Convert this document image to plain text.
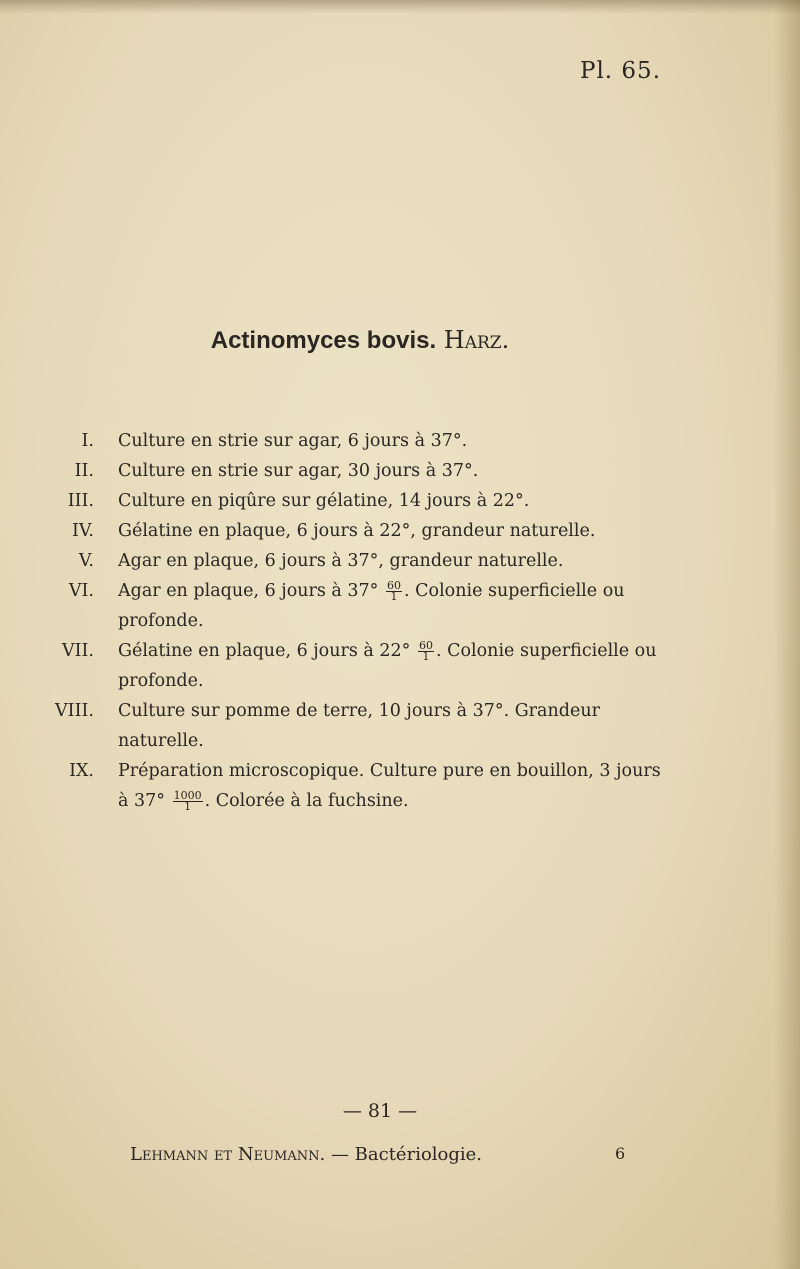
Pl. 65.
Actinomyces bovis. Harz.
I. Culture en strie sur agar, 6 jours à 37°.
II. Culture en strie sur agar, 30 jours à 37°.
III. Culture en piqûre sur gélatine, 14 jours à 22°.
IV. Gélatine en plaque, 6 jours à 22°, grandeur naturelle.
V. Agar en plaque, 6 jours à 37°, grandeur naturelle.
VI. Agar en plaque, 6 jours à $37^\circ \frac{60}{1}$ . Colonie superficielle ou profonde.
VII. Gélatine en plaque, 6 jours à $22^\circ \frac{60}{1}$ . Colonie superficielle ou profonde.
VIII. Culture sur pomme de terre, 10 jours à 37°. Grandeur naturelle.
IX. Préparation microscopique. Culture pure en bouillon, 3 jours à $37^\circ \frac{1000}{1}$ . Colorée à la fuchsine.
— 81 —
Lehmann et Neumann. — Bactériologie.	6
